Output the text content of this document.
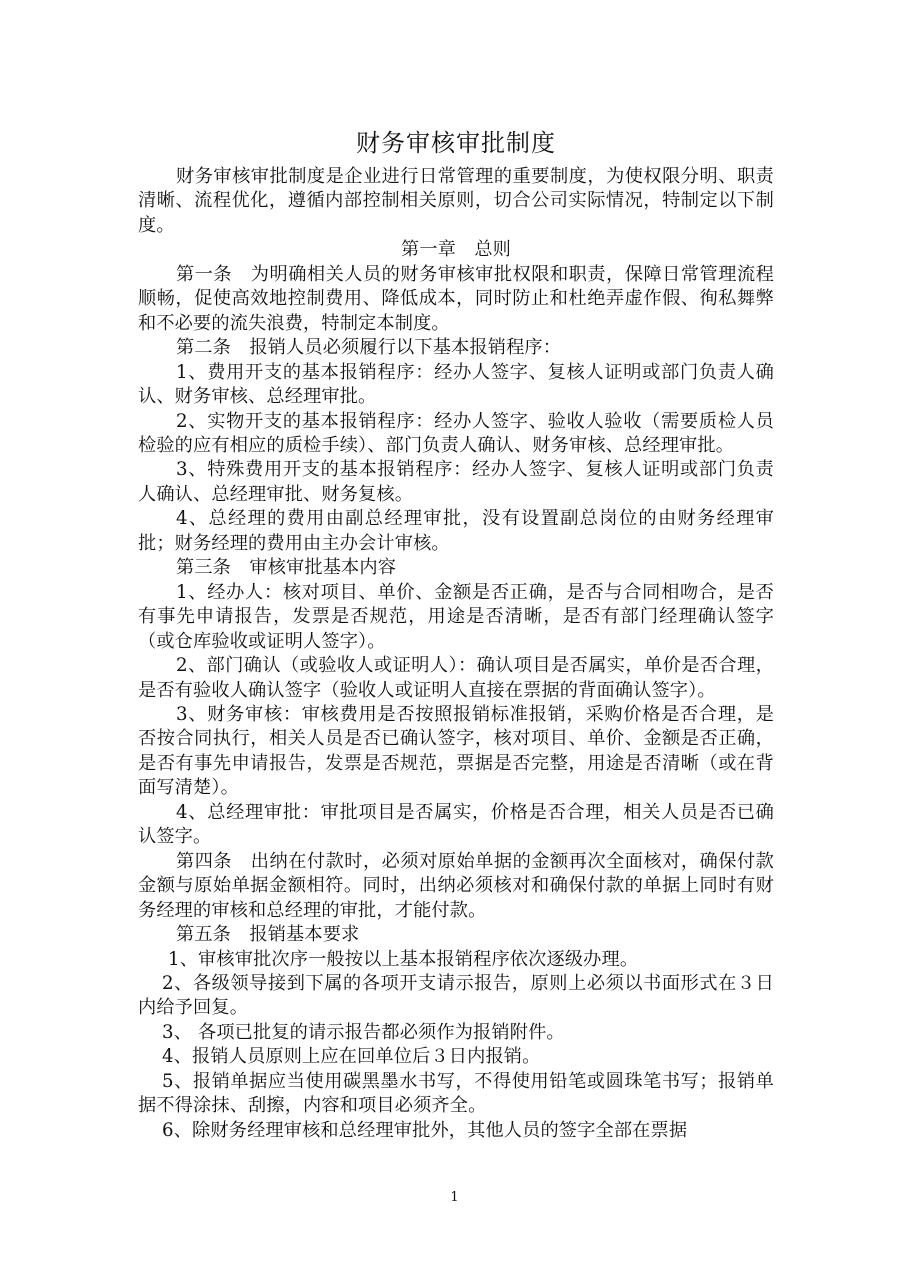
财务审核审批制度

财务审核审批制度是企业进行日常管理的重要制度，为使权限分明、职责清晰、流程优化，遵循内部控制相关原则，切合公司实际情况，特制定以下制度。

第一章　总则

第一条　为明确相关人员的财务审核审批权限和职责，保障日常管理流程顺畅，促使高效地控制费用、降低成本，同时防止和杜绝弄虚作假、徇私舞弊和不必要的流失浪费，特制定本制度。

第二条　报销人员必须履行以下基本报销程序：

1、费用开支的基本报销程序：经办人签字、复核人证明或部门负责人确认、财务审核、总经理审批。

2、实物开支的基本报销程序：经办人签字、验收人验收（需要质检人员检验的应有相应的质检手续）、部门负责人确认、财务审核、总经理审批。

3、特殊费用开支的基本报销程序：经办人签字、复核人证明或部门负责人确认、总经理审批、财务复核。

4、总经理的费用由副总经理审批，没有设置副总岗位的由财务经理审批；财务经理的费用由主办会计审核。

第三条　审核审批基本内容

1、经办人：核对项目、单价、金额是否正确，是否与合同相吻合，是否有事先申请报告，发票是否规范，用途是否清晰，是否有部门经理确认签字（或仓库验收或证明人签字）。

2、部门确认（或验收人或证明人）：确认项目是否属实，单价是否合理，是否有验收人确认签字（验收人或证明人直接在票据的背面确认签字）。

3、财务审核：审核费用是否按照报销标准报销，采购价格是否合理，是否按合同执行，相关人员是否已确认签字，核对项目、单价、金额是否正确，是否有事先申请报告，发票是否规范，票据是否完整，用途是否清晰（或在背面写清楚）。

4、总经理审批：审批项目是否属实，价格是否合理，相关人员是否已确认签字。

第四条　出纳在付款时，必须对原始单据的金额再次全面核对，确保付款金额与原始单据金额相符。同时，出纳必须核对和确保付款的单据上同时有财务经理的审核和总经理的审批，才能付款。

第五条　报销基本要求

1、审核审批次序一般按以上基本报销程序依次逐级办理。

2、各级领导接到下属的各项开支请示报告，原则上必须以书面形式在３日内给予回复。

3、 各项已批复的请示报告都必须作为报销附件。

4、报销人员原则上应在回单位后３日内报销。

5、报销单据应当使用碳黑墨水书写，不得使用铅笔或圆珠笔书写；报销单据不得涂抹、刮擦，内容和项目必须齐全。

6、除财务经理审核和总经理审批外，其他人员的签字全部在票据

1
